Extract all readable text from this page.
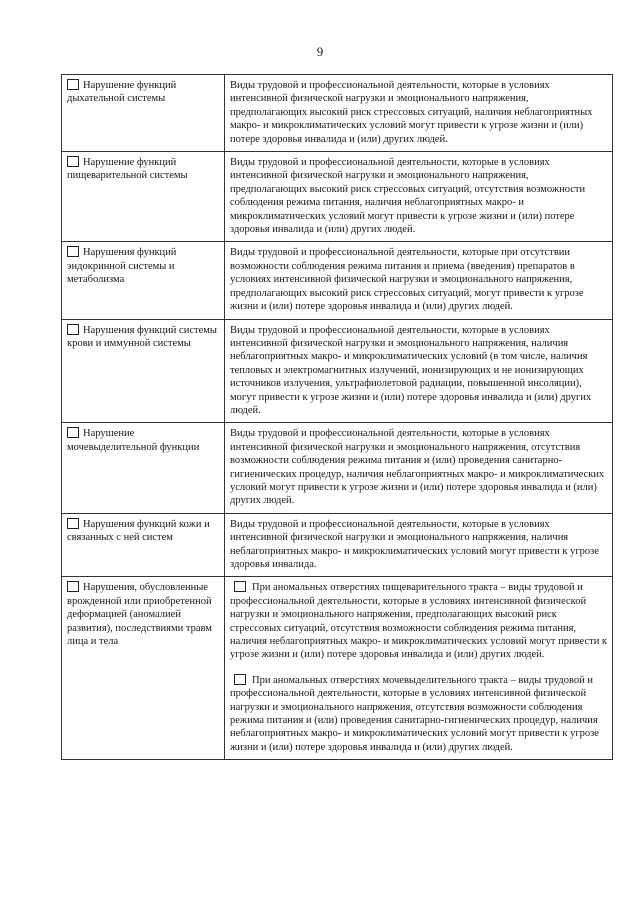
9
Нарушение функций дыхательной системы	Виды трудовой и профессиональной деятельности, которые в условиях интенсивной физической нагрузки и эмоционального напряжения, предполагающих высокий риск стрессовых ситуаций, наличия неблагоприятных макро- и микроклиматических условий могут привести к угрозе жизни и (или) потере здоровья инвалида и (или) других людей.
Нарушение функций пищеварительной системы	Виды трудовой и профессиональной деятельности, которые в условиях интенсивной физической нагрузки и эмоционального напряжения, предполагающих высокий риск стрессовых ситуаций, отсутствия возможности соблюдения режима питания, наличия неблагоприятных макро- и микроклиматических условий могут привести к угрозе жизни и (или) потере здоровья инвалида и (или) других людей.
Нарушения функций эндокринной системы и метаболизма	Виды трудовой и профессиональной деятельности, которые при отсутствии возможности соблюдения режима питания и приема (введения) препаратов в условиях интенсивной физической нагрузки и эмоционального напряжения, предполагающих высокий риск стрессовых ситуаций, могут привести к угрозе жизни и (или) потере здоровья инвалида и (или) других людей.
Нарушения функций системы крови и иммунной системы	Виды трудовой и профессиональной деятельности, которые в условиях интенсивной физической нагрузки и эмоционального напряжения, наличия неблагоприятных макро- и микроклиматических условий (в том числе, наличия тепловых и электромагнитных излучений, ионизирующих и не ионизирующих источников излучения, ультрафиолетовой радиации, повышенной инсоляции), могут привести к угрозе жизни и (или) потере здоровья инвалида и (или) других людей.
Нарушение мочевыделительной функции	Виды трудовой и профессиональной деятельности, которые в условиях интенсивной физической нагрузки и эмоционального напряжения, отсутствия возможности соблюдения режима питания и (или) проведения санитарно-гигиенических процедур, наличия неблагоприятных макро- и микроклиматических условий могут привести к угрозе жизни и (или) потере здоровья инвалида и (или) других людей.
Нарушения функций кожи и связанных с ней систем	Виды трудовой и профессиональной деятельности, которые в условиях интенсивной физической нагрузки и эмоционального напряжения, наличия неблагоприятных макро- и микроклиматических условий могут привести к угрозе здоровья инвалида.
Нарушения, обусловленные врожденной или приобретенной деформацией (аномалией развития), последствиями травм лица и тела	При аномальных отверстиях пищеварительного тракта – виды трудовой и профессиональной деятельности, которые в условиях интенсивной физической нагрузки и эмоционального напряжения, предполагающих высокий риск стрессовых ситуаций, отсутствия возможности соблюдения режима питания, наличия неблагоприятных макро- и микроклиматических условий могут привести к угрозе жизни и (или) потере здоровья инвалида и (или) других людей.
При аномальных отверстиях мочевыделительного тракта – виды трудовой и профессиональной деятельности, которые в условиях интенсивной физической нагрузки и эмоционального напряжения, отсутствия возможности соблюдения режима питания и (или) проведения санитарно-гигиенических процедур, наличия неблагоприятных макро- и микроклиматических условий могут привести к угрозе жизни и (или) потере здоровья инвалида и (или) других людей.
